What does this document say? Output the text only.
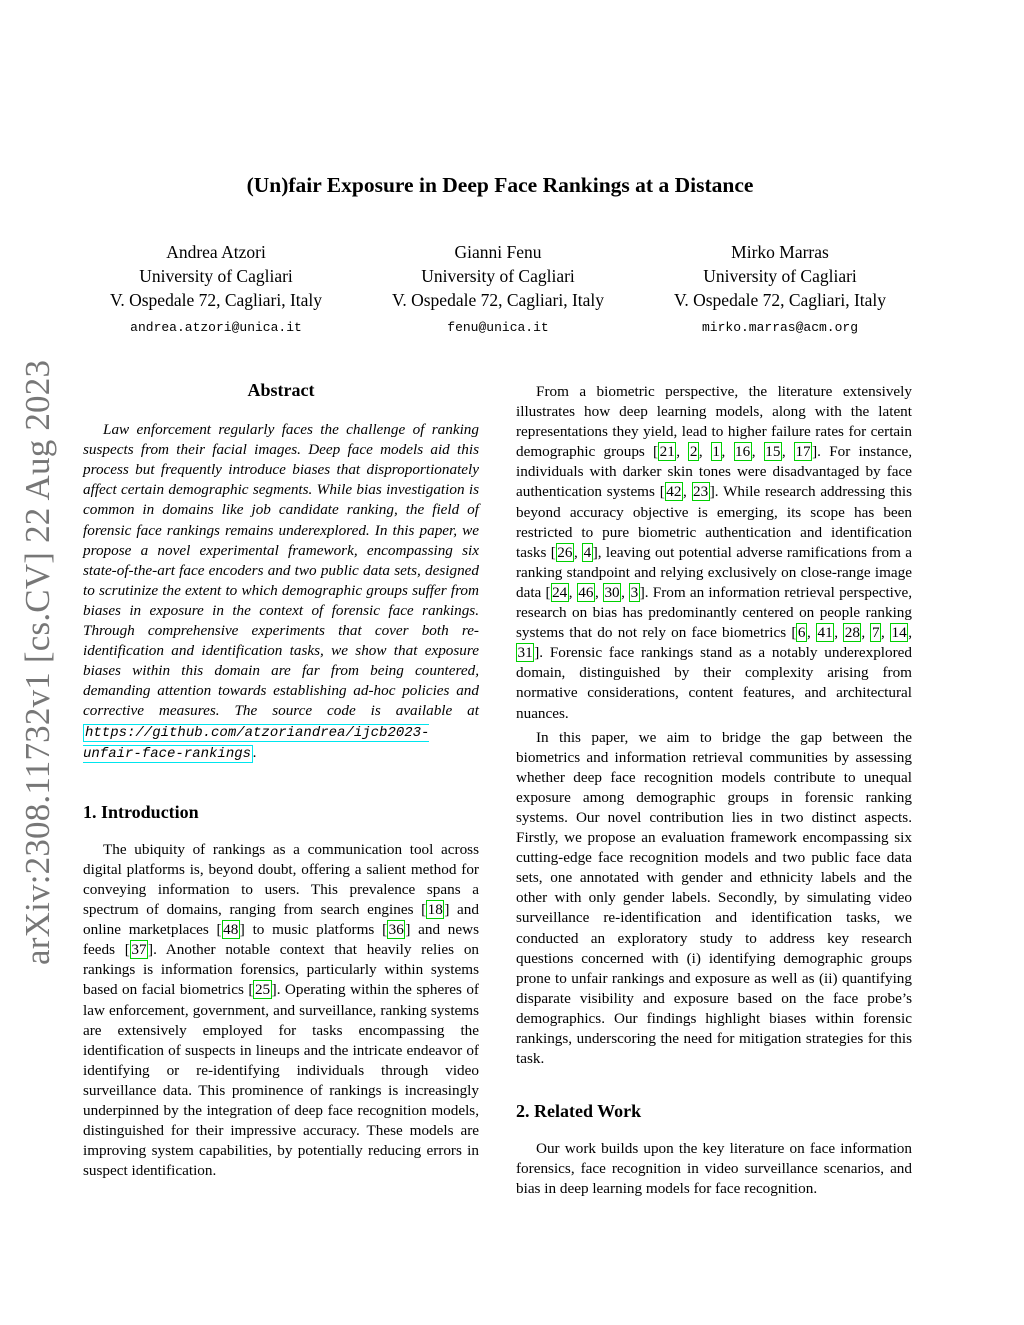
arXiv:2308.11732v1 [cs.CV] 22 Aug 2023
(Un)fair Exposure in Deep Face Rankings at a Distance
Andrea Atzori
University of Cagliari
V. Ospedale 72, Cagliari, Italy
andrea.atzori@unica.it
Gianni Fenu
University of Cagliari
V. Ospedale 72, Cagliari, Italy
fenu@unica.it
Mirko Marras
University of Cagliari
V. Ospedale 72, Cagliari, Italy
mirko.marras@acm.org
Abstract

Law enforcement regularly faces the challenge of ranking suspects from their facial images. Deep face models aid this process but frequently introduce biases that disproportionately affect certain demographic segments. While bias investigation is common in domains like job candidate ranking, the field of forensic face rankings remains underexplored. In this paper, we propose a novel experimental framework, encompassing six state-of-the-art face encoders and two public data sets, designed to scrutinize the extent to which demographic groups suffer from biases in exposure in the context of forensic face rankings. Through comprehensive experiments that cover both re-identification and identification tasks, we show that exposure biases within this domain are far from being countered, demanding attention towards establishing ad-hoc policies and corrective measures. The source code is available at https://github.com/atzoriandrea/ijcb2023-unfair-face-rankings .

1. Introduction

The ubiquity of rankings as a communication tool across digital platforms is, beyond doubt, offering a salient method for conveying information to users. This prevalence spans a spectrum of domains, ranging from search engines [18] and online marketplaces [48] to music platforms [36] and news feeds [37]. Another notable context that heavily relies on rankings is information forensics, particularly within systems based on facial biometrics [25]. Operating within the spheres of law enforcement, government, and surveillance, ranking systems are extensively employed for tasks encompassing the identification of suspects in lineups and the intricate endeavor of identifying or re-identifying individuals through video surveillance data. This prominence of rankings is increasingly underpinned by the integration of deep face recognition models, distinguished for their impressive accuracy. These models are improving system capabilities, by potentially reducing errors in suspect identification.

From a biometric perspective, the literature extensively illustrates how deep learning models, along with the latent representations they yield, lead to higher failure rates for certain demographic groups [21, 2, 1, 16, 15, 17]. For instance, individuals with darker skin tones were disadvantaged by face authentication systems [42, 23]. While research addressing this beyond accuracy objective is emerging, its scope has been restricted to pure biometric authentication and identification tasks [26, 4], leaving out potential adverse ramifications from a ranking standpoint and relying exclusively on close-range image data [24, 46, 30, 3]. From an information retrieval perspective, research on bias has predominantly centered on people ranking systems that do not rely on face biometrics [6, 41, 28, 7, 14, 31]. Forensic face rankings stand as a notably underexplored domain, distinguished by their complexity arising from normative considerations, content features, and architectural nuances.

In this paper, we aim to bridge the gap between the biometrics and information retrieval communities by assessing whether deep face recognition models contribute to unequal exposure among demographic groups in forensic ranking systems. Our novel contribution lies in two distinct aspects. Firstly, we propose an evaluation framework encompassing six cutting-edge face recognition models and two public face data sets, one annotated with gender and ethnicity labels and the other with only gender labels. Secondly, by simulating video surveillance re-identification and identification tasks, we conducted an exploratory study to address key research questions concerned with (i) identifying demographic groups prone to unfair rankings and exposure as well as (ii) quantifying disparate visibility and exposure based on the face probe’s demographics. Our findings highlight biases within forensic rankings, underscoring the need for mitigation strategies for this task.

2. Related Work

Our work builds upon the key literature on face information forensics, face recognition in video surveillance scenarios, and bias in deep learning models for face recognition.
